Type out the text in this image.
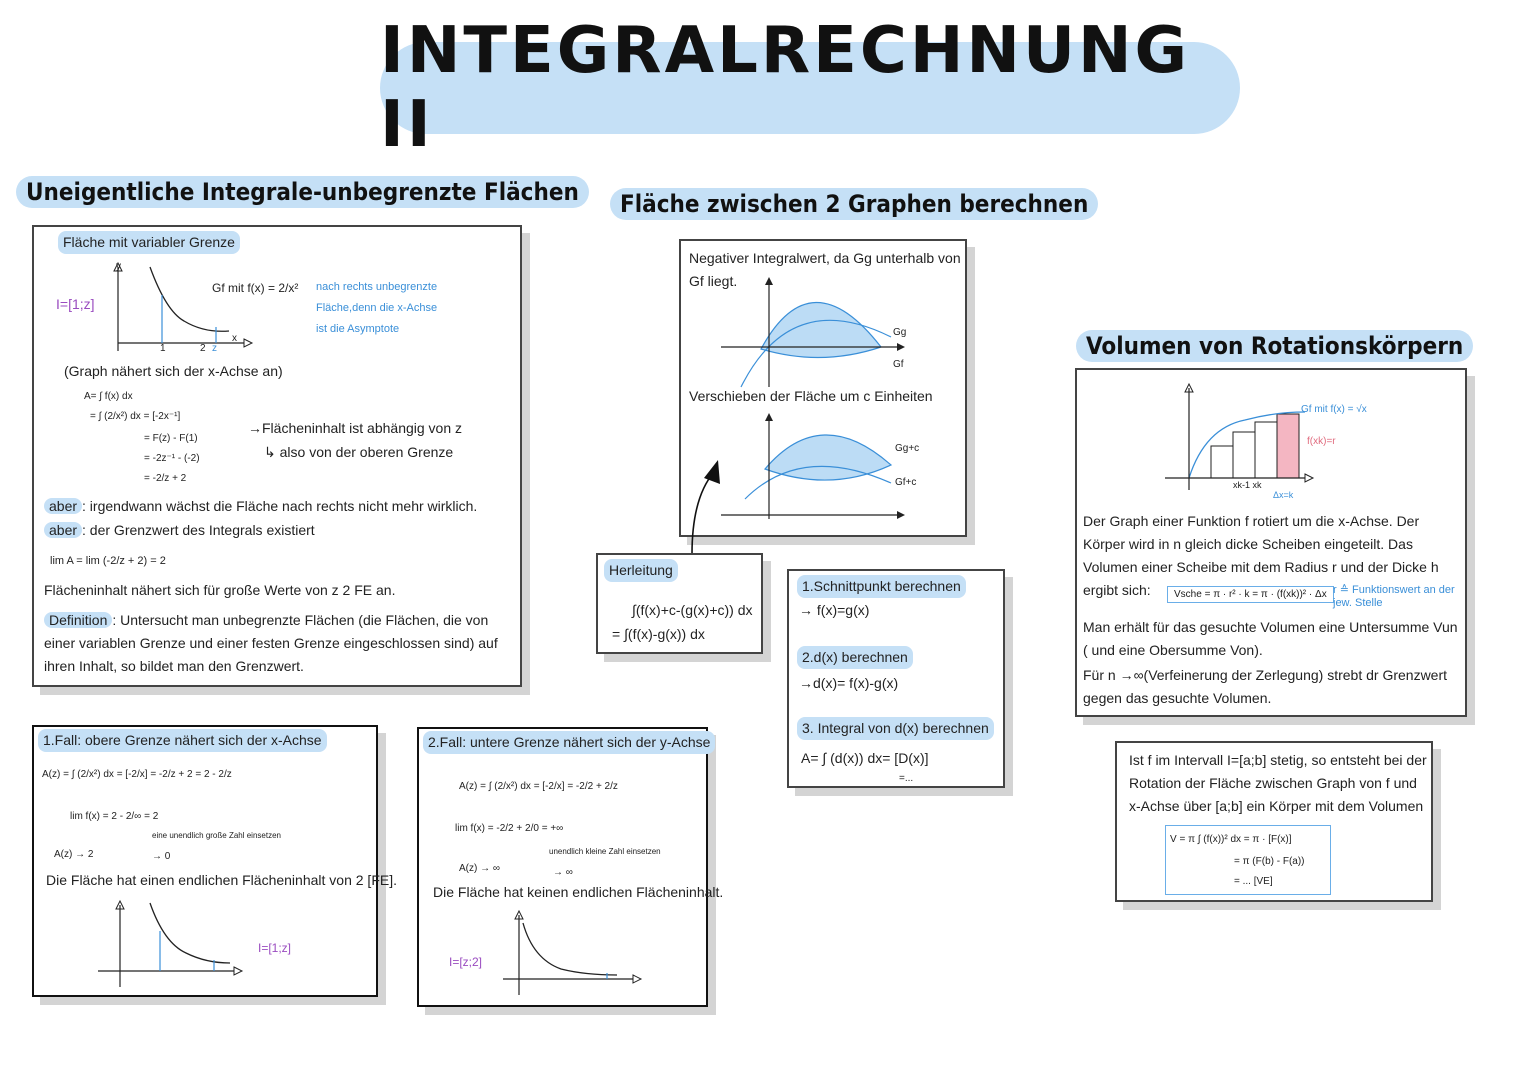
INTEGRALRECHNUNG II
Uneigentliche Integrale-unbegrenzte Flächen
Fläche mit variabler Grenze
I=[1;z]
1	2 z
x
y
Gf mit f(x) = 2/x² nach rechts unbegrenzte
Fläche,denn die x-Achse
ist die Asymptote
(Graph nähert sich der x-Achse an)
A= ∫ f(x) dx
= ∫ (2/x²) dx = [-2x⁻¹]
= F(z) - F(1)
= -2z⁻¹ - (-2)
= -2/z + 2
→Flächeninhalt ist abhängig von z
↳ also von der oberen Grenze
aber : irgendwann wächst die Fläche nach rechts nicht mehr wirklich.
aber : der Grenzwert des Integrals existiert
lim A = lim (-2/z + 2) = 2
Flächeninhalt nähert sich für große Werte von z 2 FE an.
Definition : Untersucht man unbegrenzte Flächen (die Flächen, die von einer variablen Grenze und einer festen Grenze eingeschlossen sind) auf ihren Inhalt, so bildet man den Grenzwert.
1.Fall: obere Grenze nähert sich der x-Achse
A(z) = ∫ (2/x²) dx = [-2/x] = -2/z + 2 = 2 - 2/z
lim f(x) = 2 - 2/∞ = 2
eine unendlich große Zahl einsetzen
A(z) → 2	→ 0
Die Fläche hat einen endlichen Flächeninhalt von 2 [FE].
I=[1;z]
2.Fall: untere Grenze nähert sich der y-Achse
A(z) = ∫ (2/x²) dx = [-2/x] = -2/2 + 2/z
lim f(x) = -2/2 + 2/0 = +∞
unendlich kleine Zahl einsetzen
A(z) → ∞	→ ∞
Die Fläche hat keinen endlichen Flächeninhalt.
I=[z;2]
Fläche zwischen 2 Graphen berechnen
Negativer Integralwert, da Gg unterhalb von Gf liegt.
Gg
Gf
Verschieben der Fläche um c Einheiten
Gg+c
Gf+c
Herleitung
∫(f(x)+c-(g(x)+c)) dx
= ∫(f(x)-g(x)) dx
1.Schnittpunkt berechnen
→ f(x)=g(x)
2.d(x) berechnen
→d(x)= f(x)-g(x)
3. Integral von d(x) berechnen
A= ∫ (d(x)) dx= [D(x)]
=...
Volumen von Rotationskörpern
Gf mit f(x) = √x
f(xk)=r
Δx=k
xk-1 xk
Der Graph einer Funktion f rotiert um die x-Achse. Der Körper wird in n gleich dicke Scheiben eingeteilt. Das Volumen einer Scheibe mit dem Radius r und der Dicke h ergibt sich:	Vsche = π · r² · k = π · (f(xk))² · Δx r ≙ Funktionswert an der jew. Stelle
Man erhält für das gesuchte Volumen eine Untersumme Vun ( und eine Obersumme Von).
Für n →∞(Verfeinerung der Zerlegung) strebt dr Grenzwert gegen das gesuchte Volumen.
Ist f im Intervall I=[a;b] stetig, so entsteht bei der Rotation der Fläche zwischen Graph von f und x-Achse über [a;b] ein Körper mit dem Volumen
V = π ∫ (f(x))² dx = π · [F(x)]
= π (F(b) - F(a))
= ... [VE]
